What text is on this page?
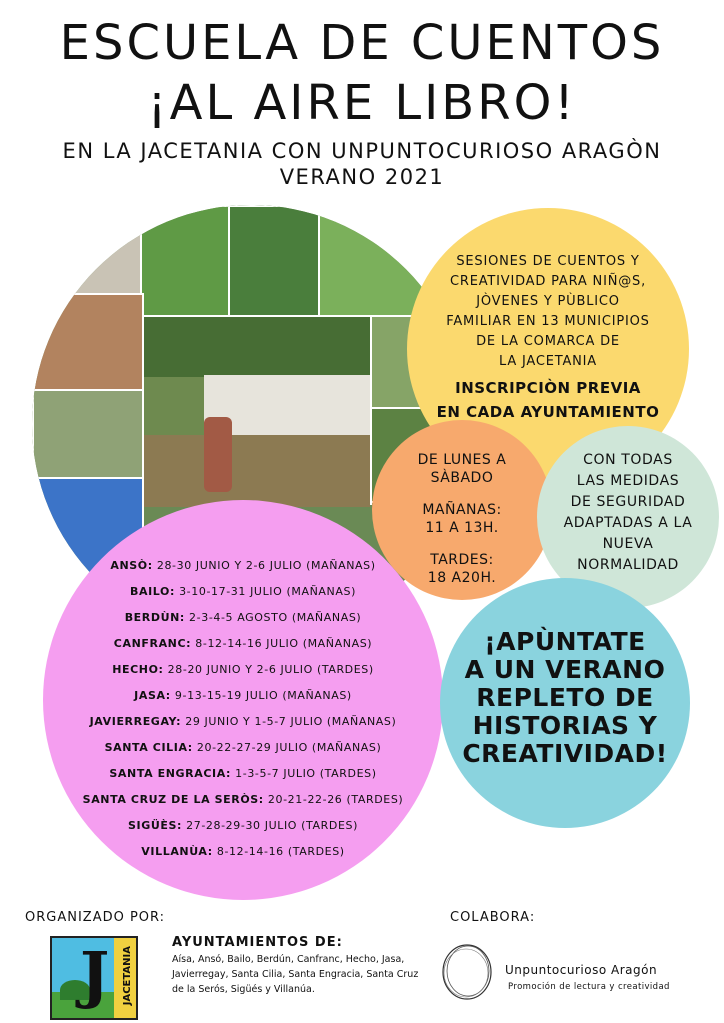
ESCUELA DE CUENTOS
¡AL AIRE LIBRO!
EN LA JACETANIA CON UNPUNTOCURIOSO ARAGÒN
VERANO 2021
SESIONES DE CUENTOS Y
CREATIVIDAD PARA NIÑ@S,
JÒVENES Y PÙBLICO
FAMILIAR EN 13 MUNICIPIOS
DE LA COMARCA DE
LA JACETANIA
INSCRIPCIÒN PREVIA
EN CADA AYUNTAMIENTO
DE LUNES A
SÀBADO
MAÑANAS:
11 A 13H.
TARDES:
18 A20H.
CON TODAS
LAS MEDIDAS
DE SEGURIDAD
ADAPTADAS A LA
NUEVA
NORMALIDAD
ANSÒ: 28-30 JUNIO Y 2-6 JULIO (MAÑANAS)
BAILO: 3-10-17-31 JULIO (MAÑANAS)
BERDÙN: 2-3-4-5 AGOSTO (MAÑANAS)
CANFRANC: 8-12-14-16 JULIO (MAÑANAS)
HECHO: 28-20 JUNIO Y 2-6 JULIO (TARDES)
JASA: 9-13-15-19 JULIO (MAÑANAS)
JAVIERREGAY: 29 JUNIO Y 1-5-7 JULIO (MAÑANAS)
SANTA CILIA: 20-22-27-29 JULIO (MAÑANAS)
SANTA ENGRACIA: 1-3-5-7 JULIO (TARDES)
SANTA CRUZ DE LA SERÒS: 20-21-22-26 (TARDES)
SIGÜÈS: 27-28-29-30 JULIO (TARDES)
VILLANÙA: 8-12-14-16 (TARDES)
¡APÙNTATE
A UN VERANO
REPLETO DE
HISTORIAS Y
CREATIVIDAD!
ORGANIZADO POR:	COLABORA:
J JACETANIA
AYUNTAMIENTOS DE:
Aísa, Ansó, Bailo, Berdún, Canfranc, Hecho, Jasa, Javierregay, Santa Cilia, Santa Engracia, Santa Cruz de la Serós, Sigüés y Villanúa.
Unpuntocurioso Aragón
Promoción de lectura y creatividad
